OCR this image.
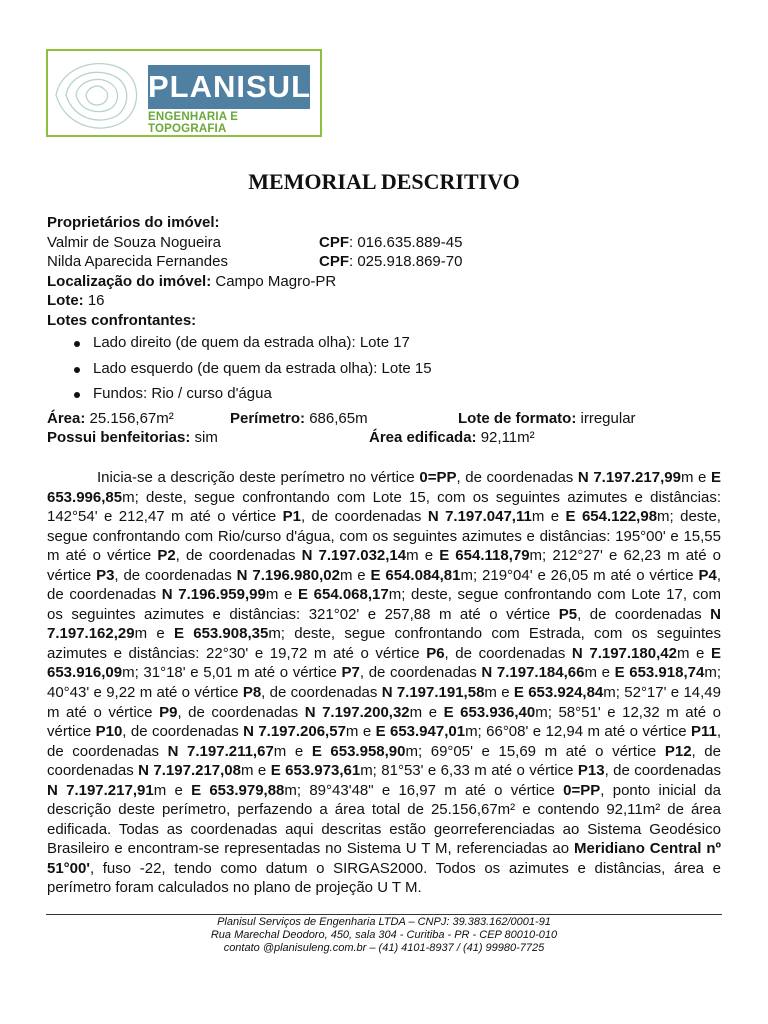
PLANISUL
ENGENHARIA E TOPOGRAFIA
MEMORIAL DESCRITIVO
Proprietários do imóvel:
Valmir de Souza Nogueira	CPF: 016.635.889-45
Nilda Aparecida Fernandes	CPF: 025.918.869-70
Localização do imóvel: Campo Magro-PR
Lote: 16
Lotes confrontantes:
Lado direito (de quem da estrada olha): Lote 17
Lado esquerdo (de quem da estrada olha): Lote 15
Fundos: Rio / curso d'água
Área: 25.156,67m²	Perímetro: 686,65m	Lote de formato: irregular
Possui benfeitorias: sim	Área edificada: 92,11m²

Inicia-se a descrição deste perímetro no vértice 0=PP, de coordenadas N 7.197.217,99m e E 653.996,85m; deste, segue confrontando com Lote 15, com os seguintes azimutes e distâncias: 142°54' e 212,47 m até o vértice P1, de coordenadas N 7.197.047,11m e E 654.122,98m; deste, segue confrontando com Rio/curso d'água, com os seguintes azimutes e distâncias: 195°00' e 15,55 m até o vértice P2, de coordenadas N 7.197.032,14m e E 654.118,79m; 212°27' e 62,23 m até o vértice P3, de coordenadas N 7.196.980,02m e E 654.084,81m; 219°04' e 26,05 m até o vértice P4, de coordenadas N 7.196.959,99m e E 654.068,17m; deste, segue confrontando com Lote 17, com os seguintes azimutes e distâncias: 321°02' e 257,88 m até o vértice P5, de coordenadas N 7.197.162,29m e E 653.908,35m; deste, segue confrontando com Estrada, com os seguintes azimutes e distâncias: 22°30' e 19,72 m até o vértice P6, de coordenadas N 7.197.180,42m e E 653.916,09m; 31°18' e 5,01 m até o vértice P7, de coordenadas N 7.197.184,66m e E 653.918,74m; 40°43' e 9,22 m até o vértice P8, de coordenadas N 7.197.191,58m e E 653.924,84m; 52°17' e 14,49 m até o vértice P9, de coordenadas N 7.197.200,32m e E 653.936,40m; 58°51' e 12,32 m até o vértice P10, de coordenadas N 7.197.206,57m e E 653.947,01m; 66°08' e 12,94 m até o vértice P11, de coordenadas N 7.197.211,67m e E 653.958,90m; 69°05' e 15,69 m até o vértice P12, de coordenadas N 7.197.217,08m e E 653.973,61m; 81°53' e 6,33 m até o vértice P13, de coordenadas N 7.197.217,91m e E 653.979,88m; 89°43'48" e 16,97 m até o vértice 0=PP, ponto inicial da descrição deste perímetro, perfazendo a área total de 25.156,67m² e contendo 92,11m² de área edificada. Todas as coordenadas aqui descritas estão georreferenciadas ao Sistema Geodésico Brasileiro e encontram-se representadas no Sistema U T M, referenciadas ao Meridiano Central nº 51°00', fuso -22, tendo como datum o SIRGAS2000. Todos os azimutes e distâncias, área e perímetro foram calculados no plano de projeção U T M.

Planisul Serviços de Engenharia LTDA – CNPJ: 39.383.162/0001-91
Rua Marechal Deodoro, 450, sala 304 - Curitiba - PR - CEP 80010-010
contato @planisuleng.com.br – (41) 4101-8937 / (41) 99980-7725
